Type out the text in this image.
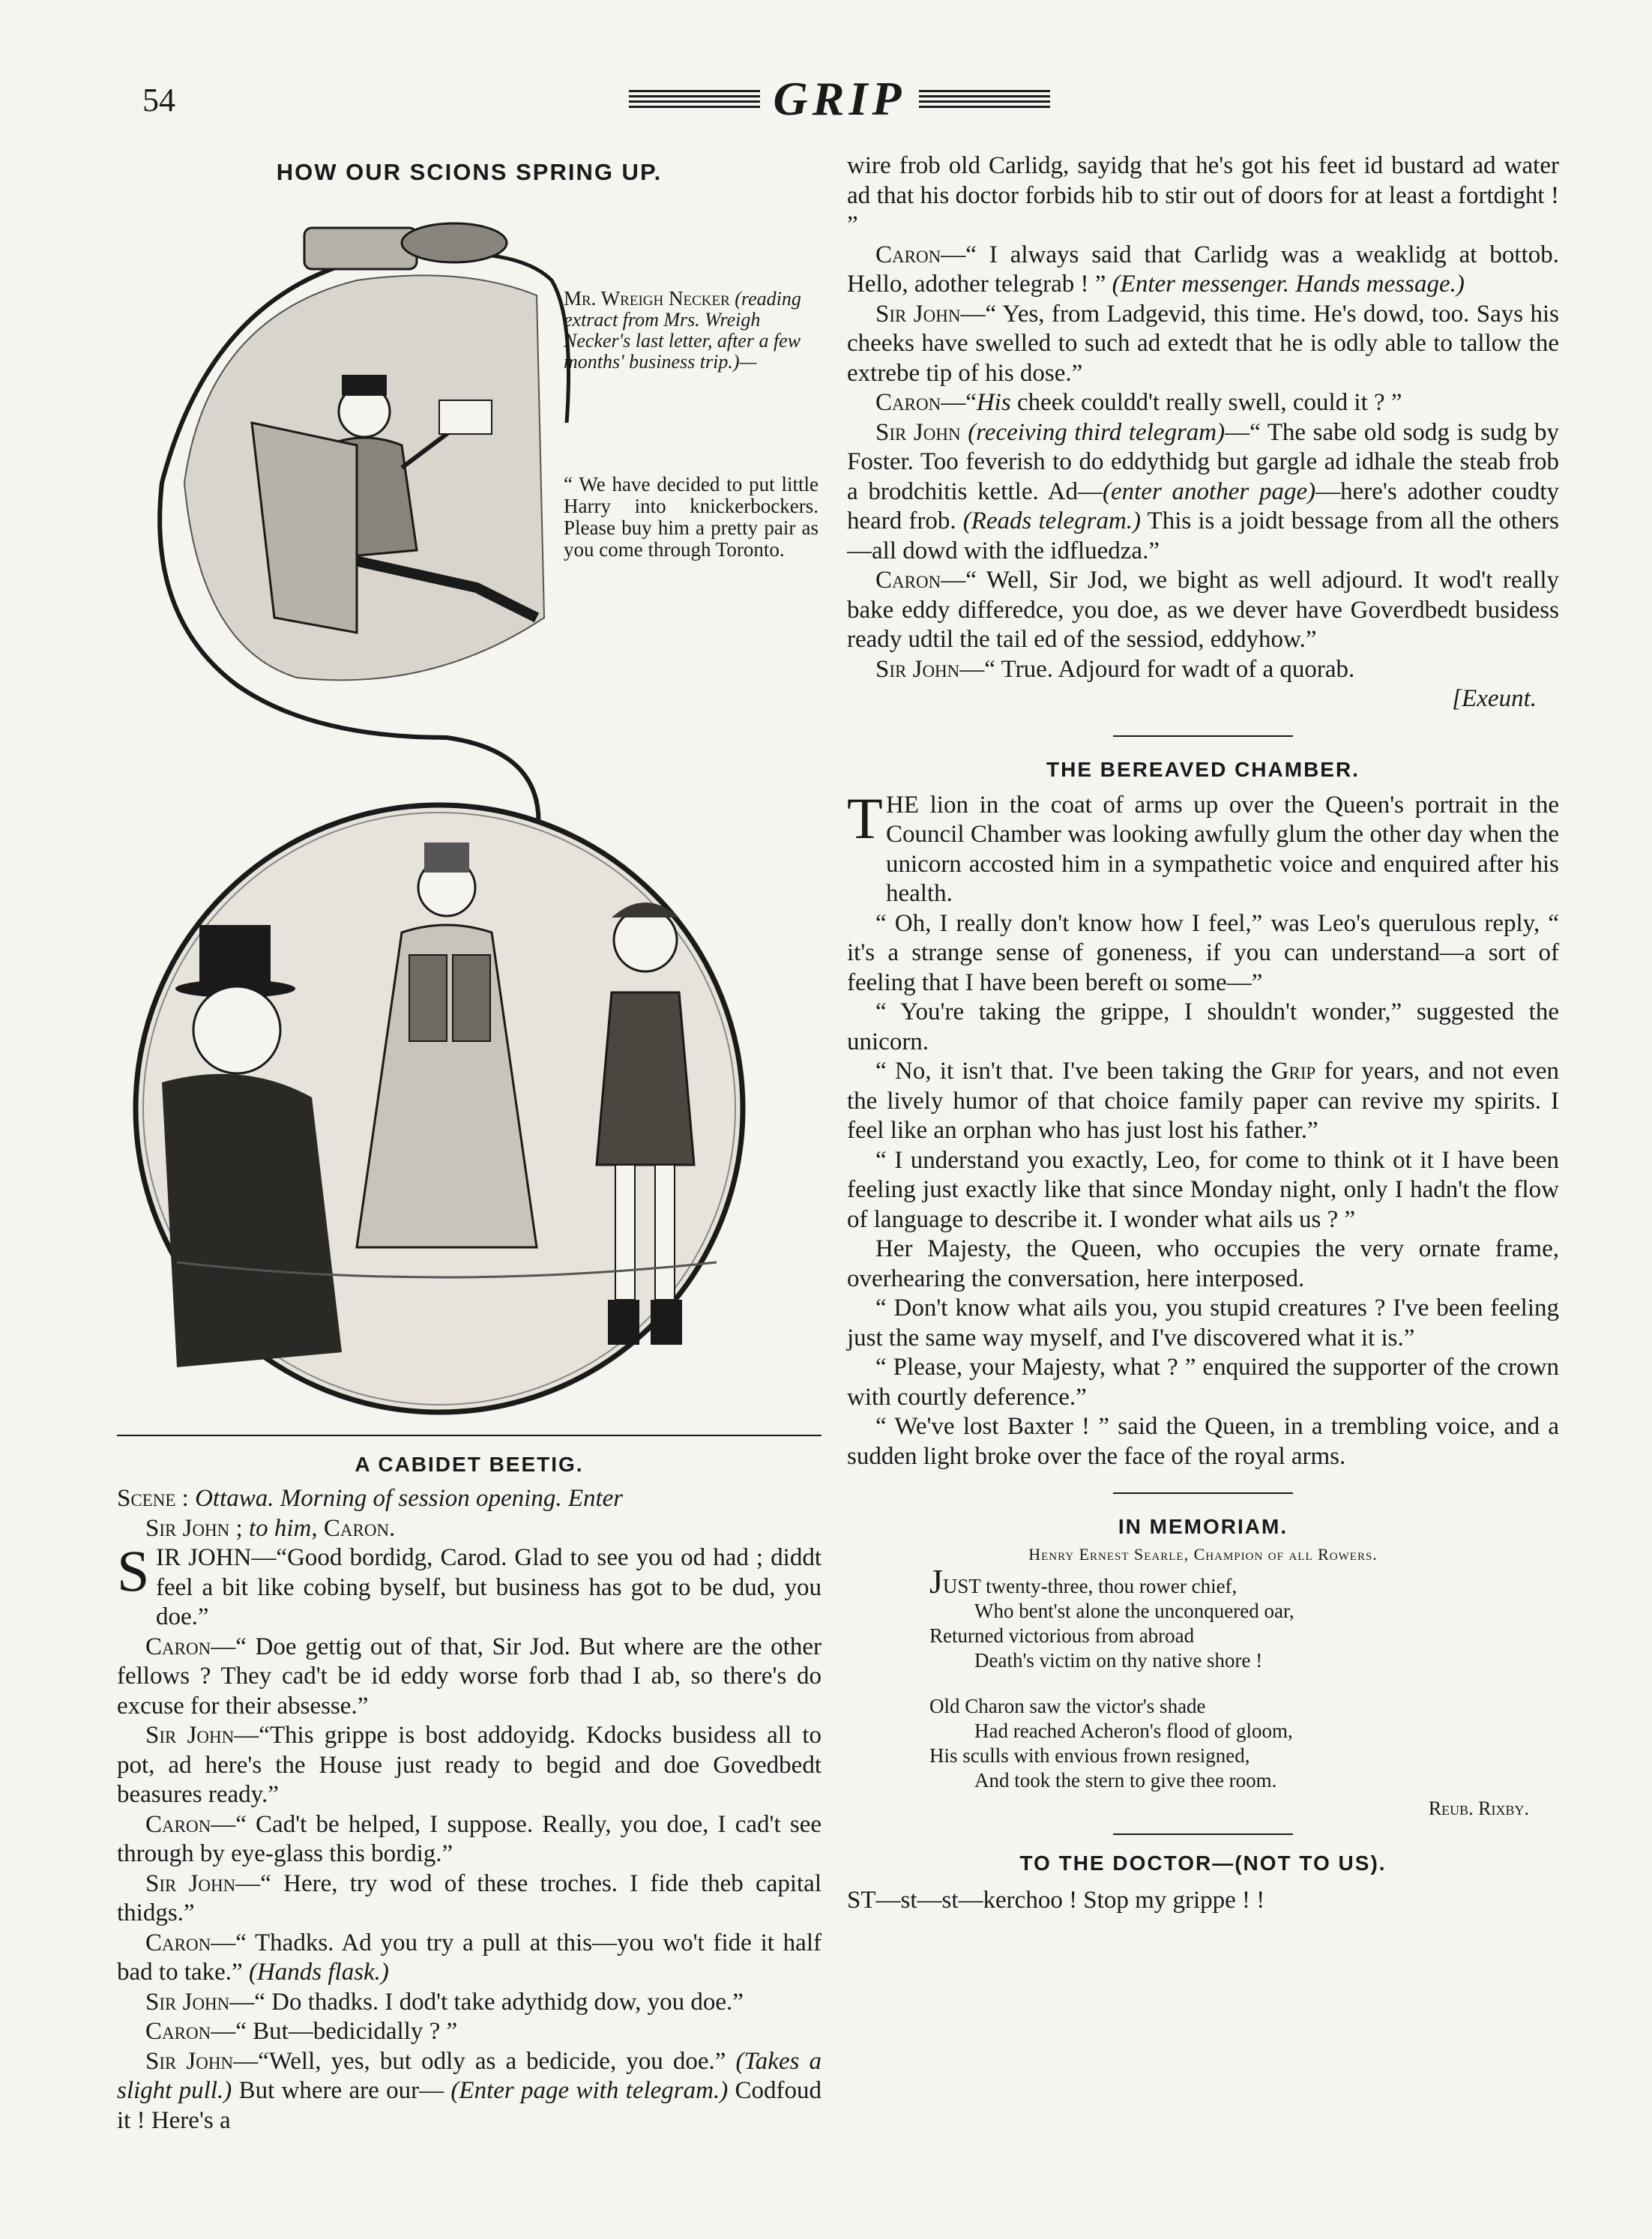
54	GRIP
HOW OUR SCIONS SPRING UP.
Mr. Wreigh Necker (reading extract from Mrs. Wreigh Necker's last letter, after a few months' business trip.)—
“ We have decided to put little Harry into knickerbockers. Please buy him a pretty pair as you come through Toronto.
A CABIDET BEETIG.

Scene : Ottawa. Morning of session opening. Enter

Sir John ; to him, Caron.

S IR JOHN—“Good bordidg, Carod. Glad to see you od had ; diddt feel a bit like cobing byself, but business has got to be dud, you doe.”

Caron—“ Doe gettig out of that, Sir Jod. But where are the other fellows ? They cad't be id eddy worse forb thad I ab, so there's do excuse for their absesse.”

Sir John—“This grippe is bost addoyidg. Kdocks busidess all to pot, ad here's the House just ready to begid and doe Govedbedt beasures ready.”

Caron—“ Cad't be helped, I suppose. Really, you doe, I cad't see through by eye-glass this bordig.”

Sir John—“ Here, try wod of these troches. I fide theb capital thidgs.”

Caron—“ Thadks. Ad you try a pull at this—you wo't fide it half bad to take.” (Hands flask.)

Sir John—“ Do thadks. I dod't take adythidg dow, you doe.”

Caron—“ But—bedicidally ? ”

Sir John—“Well, yes, but odly as a bedicide, you doe.” (Takes a slight pull.) But where are our— (Enter page with telegram.) Codfoud it ! Here's a

wire frob old Carlidg, sayidg that he's got his feet id bustard ad water ad that his doctor forbids hib to stir out of doors for at least a fortdight ! ”

Caron—“ I always said that Carlidg was a weaklidg at bottob. Hello, adother telegrab ! ” (Enter messenger. Hands message.)

Sir John—“ Yes, from Ladgevid, this time. He's dowd, too. Says his cheeks have swelled to such ad extedt that he is odly able to tallow the extrebe tip of his dose.”

Caron—“His cheek couldd't really swell, could it ? ”

Sir John (receiving third telegram)—“ The sabe old sodg is sudg by Foster. Too feverish to do eddythidg but gargle ad idhale the steab frob a brodchitis kettle. Ad—(enter another page)—here's adother coudty heard frob. (Reads telegram.) This is a joidt bessage from all the others—all dowd with the idfluedza.”

Caron—“ Well, Sir Jod, we bight as well adjourd. It wod't really bake eddy differedce, you doe, as we dever have Goverdbedt busidess ready udtil the tail ed of the sessiod, eddyhow.”

Sir John—“ True. Adjourd for wadt of a quorab.

[Exeunt.

THE BEREAVED CHAMBER.
T HE lion in the coat of arms up over the Queen's portrait in the Council Chamber was looking awfully glum the other day when the unicorn accosted him in a sympathetic voice and enquired after his health.

“ Oh, I really don't know how I feel,” was Leo's querulous reply, “ it's a strange sense of goneness, if you can understand—a sort of feeling that I have been bereft oı some—”

“ You're taking the grippe, I shouldn't wonder,” suggested the unicorn.

“ No, it isn't that. I've been taking the Grip for years, and not even the lively humor of that choice family paper can revive my spirits. I feel like an orphan who has just lost his father.”

“ I understand you exactly, Leo, for come to think ot it I have been feeling just exactly like that since Monday night, only I hadn't the flow of language to describe it. I wonder what ails us ? ”

Her Majesty, the Queen, who occupies the very ornate frame, overhearing the conversation, here interposed.

“ Don't know what ails you, you stupid creatures ? I've been feeling just the same way myself, and I've discovered what it is.”

“ Please, your Majesty, what ? ” enquired the supporter of the crown with courtly deference.”

“ We've lost Baxter ! ” said the Queen, in a trembling voice, and a sudden light broke over the face of the royal arms.

IN MEMORIAM.
Henry Ernest Searle, Champion of all Rowers.
JUST twenty-three, thou rower chief,
Who bent'st alone the unconquered oar,
Returned victorious from abroad
Death's victim on thy native shore !
Old Charon saw the victor's shade
Had reached Acheron's flood of gloom,
His sculls with envious frown resigned,
And took the stern to give thee room.
Reub. Rixby.
TO THE DOCTOR—(NOT TO US).

ST—st—st—kerchoo ! Stop my grippe ! !
